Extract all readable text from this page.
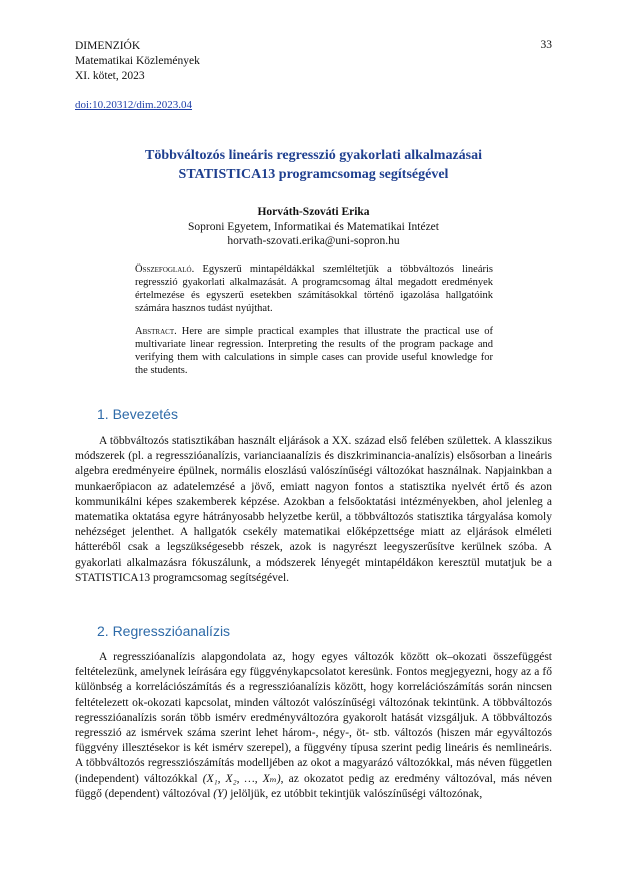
DIMENZIÓK
Matematikai Közlemények
XI. kötet, 2023
33
doi:10.20312/dim.2023.04
Többváltozós lineáris regresszió gyakorlati alkalmazásai
STATISTICA13 programcsomag segítségével
Horváth-Szováti Erika
Soproni Egyetem, Informatikai és Matematikai Intézet
horvath-szovati.erika@uni-sopron.hu
Összefoglaló. Egyszerű mintapéldákkal szemléltetjük a többváltozós lineáris regresszió gyakorlati alkalmazását. A programcsomag által megadott eredmények értelmezése és egyszerű esetekben számításokkal történő igazolása hallgatóink számára hasznos tudást nyújthat.
Abstract. Here are simple practical examples that illustrate the practical use of multivariate linear regression. Interpreting the results of the program package and verifying them with calculations in simple cases can provide useful knowledge for the students.
1. Bevezetés
A többváltozós statisztikában használt eljárások a XX. század első felében születtek. A klasszikus módszerek (pl. a regresszióanalízis, varianciaanalízis és diszkriminancia-analízis) elsősorban a lineáris algebra eredményeire épülnek, normális eloszlású valószínűségi változókat használnak. Napjainkban a munkaerőpiacon az adatelemzésé a jövő, emiatt nagyon fontos a statisztika nyelvét értő és azon kommunikálni képes szakemberek képzése. Azokban a felsőoktatási intézményekben, ahol jelenleg a matematika oktatása egyre hátrányosabb helyzetbe kerül, a többváltozós statisztika tárgyalása komoly nehézséget jelenthet. A hallgatók csekély matematikai előképzettsége miatt az eljárások elméleti hátteréből csak a legszükségesebb részek, azok is nagyrészt leegyszerűsítve kerülnek szóba. A gyakorlati alkalmazásra fókuszálunk, a módszerek lényegét mintapéldákon keresztül mutatjuk be a STATISTICA13 programcsomag segítségével.
2. Regresszióanalízis
A regresszióanalízis alapgondolata az, hogy egyes változók között ok–okozati összefüggést feltételezünk, amelynek leírására egy függvénykapcsolatot keresünk. Fontos megjegyezni, hogy az a fő különbség a korrelációszámítás és a regresszióanalízis között, hogy korrelációszámítás során nincsen feltételezett ok-okozati kapcsolat, minden változót valószínűségi változónak tekintünk. A többváltozós regresszióanalízis során több ismérv eredményváltozóra gyakorolt hatását vizsgáljuk. A többváltozós regresszió az ismérvek száma szerint lehet három-, négy-, öt- stb. változós (hiszen már egyváltozós függvény illesztésekor is két ismérv szerepel), a függvény típusa szerint pedig lineáris és nemlineáris. A többváltozós regressziószámítás modelljében az okot a magyarázó változókkal, más néven független (independent) változókkal (X₁, X₂, …, Xₘ), az okozatot pedig az eredmény változóval, más néven függő (dependent) változóval (Y) jelöljük, ez utóbbit tekintjük valószínűségi változónak,
